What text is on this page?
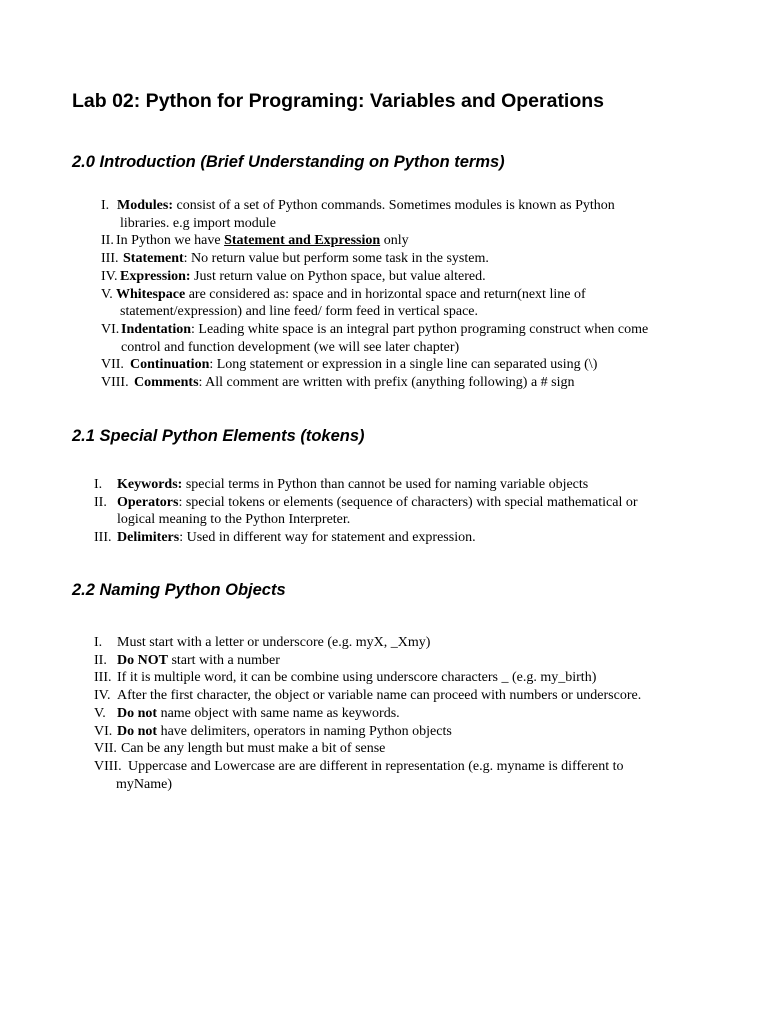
Lab 02: Python for Programing: Variables and Operations
2.0 Introduction (Brief Understanding on Python terms)
I. Modules: consist of a set of Python commands. Sometimes modules is known as Python
libraries. e.g import module
II. In Python we have Statement and Expression only
III. Statement: No return value but perform some task in the system.
IV. Expression: Just return value on Python space, but value altered.
V. Whitespace are considered as: space and in horizontal space and return(next line of
statement/expression) and line feed/ form feed in vertical space.
VI. Indentation: Leading white space is an integral part python programing construct when come
control and function development (we will see later chapter)
VII. Continuation: Long statement or expression in a single line can separated using (\)
VIII. Comments: All comment are written with prefix (anything following) a # sign
2.1 Special Python Elements (tokens)
I. Keywords: special terms in Python than cannot be used for naming variable objects
II. Operators: special tokens or elements (sequence of characters) with special mathematical or
logical meaning to the Python Interpreter.
III. Delimiters: Used in different way for statement and expression.
2.2 Naming Python Objects
I. Must start with a letter or underscore (e.g. myX, _Xmy)
II. Do NOT start with a number
III. If it is multiple word, it can be combine using underscore characters _ (e.g. my_birth)
IV. After the first character, the object or variable name can proceed with numbers or underscore.
V. Do not name object with same name as keywords.
VI. Do not have delimiters, operators in naming Python objects
VII. Can be any length but must make a bit of sense
VIII. Uppercase and Lowercase are are different in representation (e.g. myname is different to
myName)
